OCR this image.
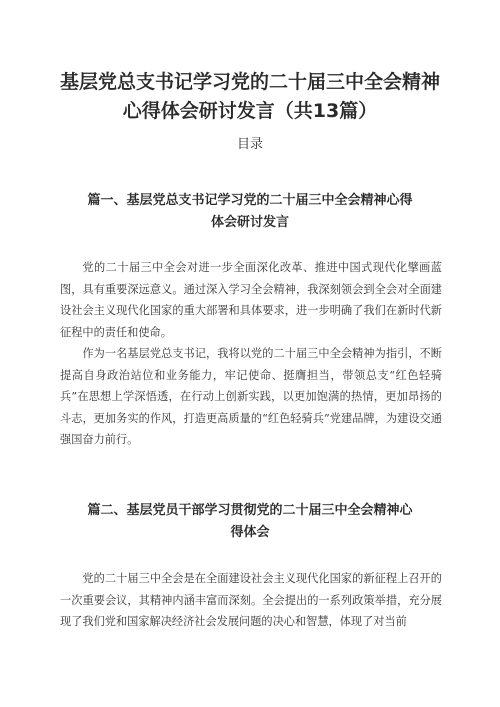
基层党总支书记学习党的二十届三中全会精神
心得体会研讨发言（共13篇）
目录
篇一、基层党总支书记学习党的二十届三中全会精神心得
体会研讨发言

党的二十届三中全会对进一步全面深化改革、推进中国式现代化擘画蓝图，具有重要深远意义。通过深入学习全会精神，我深刻领会到全会对全面建设社会主义现代化国家的重大部署和具体要求，进一步明确了我们在新时代新征程中的责任和使命。

作为一名基层党总支书记，我将以党的二十届三中全会精神为指引，不断提高自身政治站位和业务能力，牢记使命、挺膺担当，带领总支“红色轻骑兵”在思想上学深悟透，在行动上创新实践，以更加饱满的热情，更加昂扬的斗志，更加务实的作风，打造更高质量的“红色轻骑兵”党建品牌，为建设交通强国奋力前行。

篇二、基层党员干部学习贯彻党的二十届三中全会精神心
得体会

党的二十届三中全会是在全面建设社会主义现代化国家的新征程上召开的一次重要会议，其精神内涵丰富而深刻。全会提出的一系列政策举措，充分展现了我们党和国家解决经济社会发展问题的决心和智慧，体现了对当前
